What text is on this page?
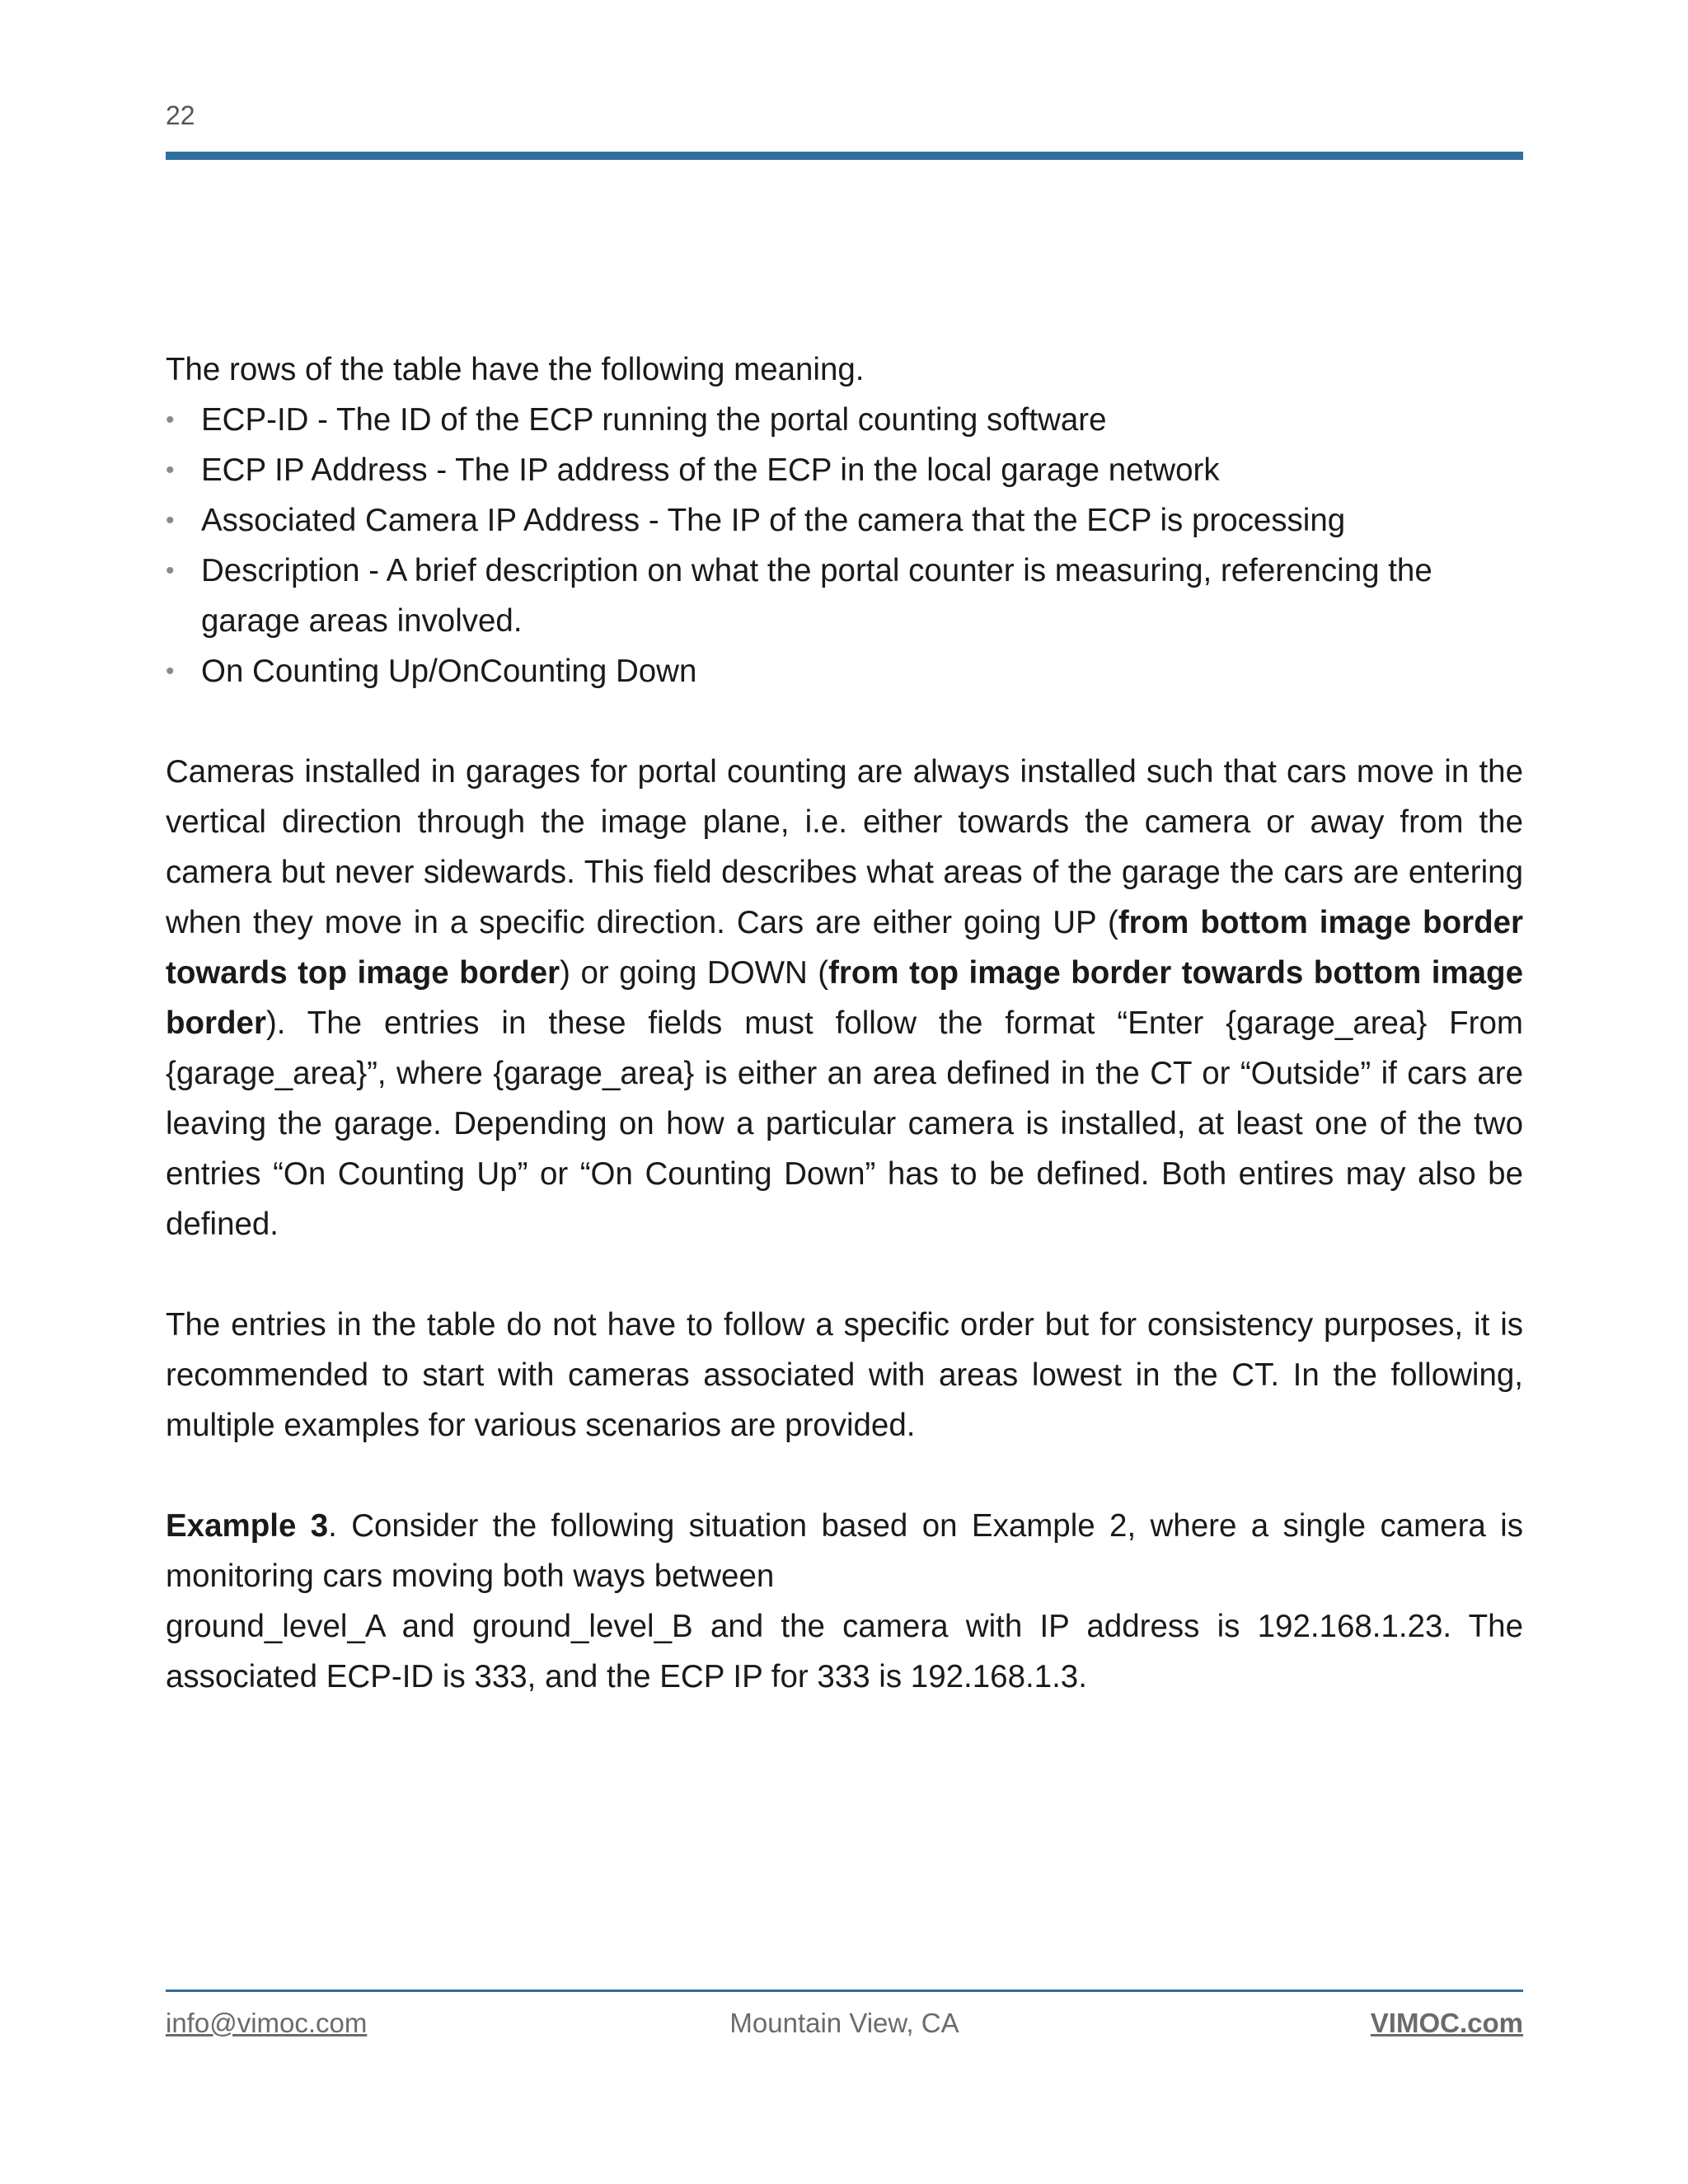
22

The rows of the table have the following meaning.

• ECP-ID - The ID of the ECP running the portal counting software
• ECP IP Address - The IP address of the ECP in the local garage network
• Associated Camera IP Address - The IP of the camera that the ECP is processing
• Description - A brief description on what the portal counter is measuring, referencing the garage areas involved.
• On Counting Up/OnCounting Down

Cameras installed in garages for portal counting are always installed such that cars move in the vertical direction through the image plane, i.e. either towards the camera or away from the camera but never sidewards. This field describes what areas of the garage the cars are entering when they move in a specific direction. Cars are either going UP (from bottom image border towards top image border) or going DOWN (from top image border towards bottom image border). The entries in these fields must follow the format “Enter {garage_area} From {garage_area}”, where {garage_area} is either an area defined in the CT or “Outside” if cars are leaving the garage. Depending on how a particular camera is installed, at least one of the two entries “On Counting Up” or “On Counting Down” has to be defined. Both entires may also be defined.

The entries in the table do not have to follow a specific order but for consistency purposes, it is recommended to start with cameras associated with areas lowest in the CT. In the following, multiple examples for various scenarios are provided.

Example 3. Consider the following situation based on Example 2, where a single camera is monitoring cars moving both ways between

ground_level_A and ground_level_B and the camera with IP address is 192.168.1.23. The associated ECP-ID is 333, and the ECP IP for 333 is 192.168.1.3.

info@vimoc.com	Mountain View, CA	VIMOC.com
